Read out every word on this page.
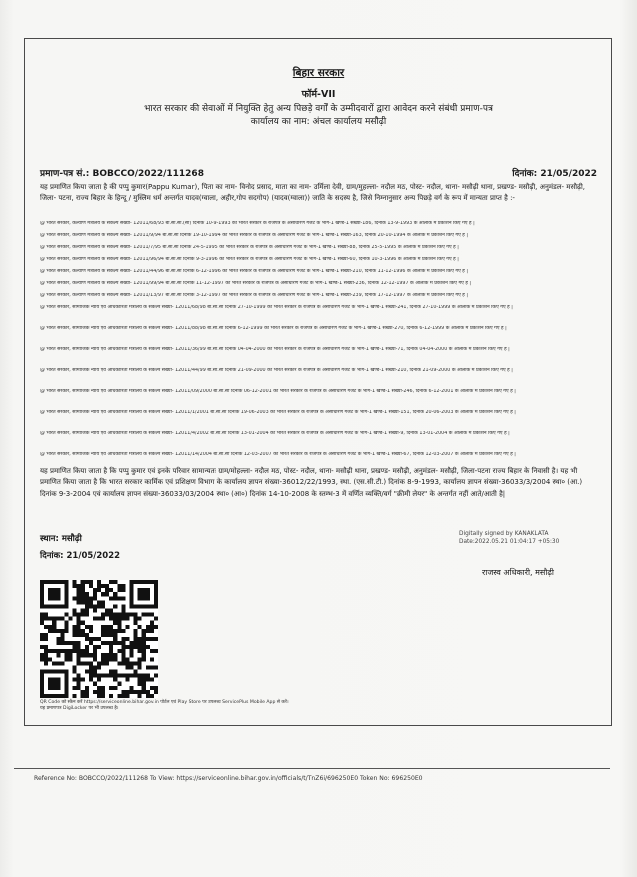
बिहार सरकार
फॉर्म-VII
भारत सरकार की सेवाओं में नियुक्ति हेतु अन्य पिछड़े वर्गों के उम्मीदवारों द्वारा आवेदन करने संबंधी प्रमाण-पत्र
कार्यालय का नाम: अंचल कार्यालय मसौढ़ी
प्रमाण-पत्र सं.: BOBCCO/2022/111268	दिनांक: 21/05/2022
यह प्रमाणित किया जाता है की पप्पु कुमार(Pappu Kumar), पिता का नाम- विनोद प्रसाद, माता का नाम- उर्मिला देवी, ग्राम/मुहल्ला- नदौल मठ, पोस्ट- नदौल, थाना- मसौढ़ी थाना, प्रखण्ड- मसौढ़ी, अनुमंडल- मसौढ़ी, जिला- पटना, राज्य बिहार के हिन्दू / मुस्लिम धर्म अन्तर्गत यादव(ग्वाला, अहीर,गोप सदगोप) (यादव(ग्वाला)) जाति के सदस्य है, जिसे निम्नानुसार अन्य पिछड़े वर्ग के रूप में मान्यता प्राप्त है :-

@ भारत सरकार, कल्याण मंत्रालय के संकल्प संख्या- 12011/68/93 बी.सी.सी.(सी) दिनांक 10-9-1993 को भारत सरकार के राजपत्र के असाधारण गजट के भाग-1 खण्ड-1 संख्या-186, दिनांक 13-9-1993 के आलोक में प्रकाशन किए गए है |

@ भारत सरकार, कल्याण मंत्रालय के संकल्प संख्या- 12011/9/94 बी.सी.सी दिनांक 19-10-1994 को भारत सरकार के राजपत्र के असाधारण गजट के भाग-1 खण्ड-1 संख्या-163, दिनांक 20-10-1994 के आलोक में प्रकाशन किए गए है |

@ भारत सरकार, कल्याण मंत्रालय के संकल्प संख्या- 12011/7/95 बी.सी.सी दिनांक 24-5-1995 को भारत सरकार के राजपत्र के असाधारण गजट के भाग-1 खण्ड-1 संख्या-88, दिनांक 25-5-1995 के आलोक में प्रकाशन किए गए है |

@ भारत सरकार, कल्याण मंत्रालय के संकल्प संख्या- 12011/96/94 बी.सी.सी दिनांक 9-3-1996 को भारत सरकार के राजपत्र के असाधारण गजट के भाग-1 खण्ड-1 संख्या-60, दिनांक 10-3-1996 के आलोक में प्रकाशन किए गए है |

@ भारत सरकार, कल्याण मंत्रालय के संकल्प संख्या- 12011/44/96 बी.सी.सी दिनांक 6-12-1996 को भारत सरकार के राजपत्र के असाधारण गजट के भाग-1 खण्ड-1 संख्या-210, दिनांक 11-12-1996 के आलोक में प्रकाशन किए गए है |

@ भारत सरकार, कल्याण मंत्रालय के संकल्प संख्या- 12011/99/94 बी.सी.सी दिनांक 11-12-1997 को भारत सरकार के राजपत्र के असाधारण गजट के भाग-1 खण्ड-1 संख्या-236, दिनांक 12-12-1997 के आलोक में प्रकाशन किए गए है |

@ भारत सरकार, कल्याण मंत्रालय के संकल्प संख्या- 12011/13/97 बी.सी.सी दिनांक 3-12-1997 को भारत सरकार के राजपत्र के असाधारण गजट के भाग-1 खण्ड-1 संख्या-239, दिनांक 17-12-1997 के आलोक में प्रकाशन किए गए है |

@ भारत सरकार, सामाजिक न्याय एवं अधिकारिता मंत्रालय के संकल्प संख्या- 12011/68/98 बी.सी.सी दिनांक 27-10-1999 को भारत सरकार के राजपत्र के असाधारण गजट के भाग-1 खण्ड-1 संख्या-241, दिनांक 27-10-1999 के आलोक में प्रकाशन किए गए है |

@ भारत सरकार, सामाजिक न्याय एवं अधिकारिता मंत्रालय के संकल्प संख्या- 12011/88/98 बी.सी.सी दिनांक 6-12-1999 को भारत सरकार के राजपत्र के असाधारण गजट के भाग-1 खण्ड-1 संख्या-270, दिनांक 6-12-1999 के आलोक में प्रकाशन किए गए है |

@ भारत सरकार, सामाजिक न्याय एवं अधिकारिता मंत्रालय के संकल्प संख्या- 12011/36/99 बी.सी.सी दिनांक 04-04-2000 को भारत सरकार के राजपत्र के असाधारण गजट के भाग-1 खण्ड-1 संख्या-71, दिनांक 04-04-2000 के आलोक में प्रकाशन किए गए है |

@ भारत सरकार, सामाजिक न्याय एवं अधिकारिता मंत्रालय के संकल्प संख्या- 12011/44/99 बी.सी.सी दिनांक 21-09-2000 को भारत सरकार के राजपत्र के असाधारण गजट के भाग-1 खण्ड-1 संख्या-210, दिनांक 21-09-2000 के आलोक में प्रकाशन किए गए है |

@ भारत सरकार, सामाजिक न्याय एवं अधिकारिता मंत्रालय के संकल्प संख्या- 12011/09/2000 बी.सी.सी दिनांक 06-12-2001 को भारत सरकार के राजपत्र के असाधारण गजट के भाग-1 खण्ड-1 संख्या-246, दिनांक 6-12-2001 के आलोक में प्रकाशन किए गए है |

@ भारत सरकार, सामाजिक न्याय एवं अधिकारिता मंत्रालय के संकल्प संख्या- 12011/1/2001 बी.सी.सी दिनांक 19-06-2003 को भारत सरकार के राजपत्र के असाधारण गजट के भाग-1 खण्ड-1 संख्या-151, दिनांक 20-06-2003 के आलोक में प्रकाशन किए गए है |

@ भारत सरकार, सामाजिक न्याय एवं अधिकारिता मंत्रालय के संकल्प संख्या- 12011/4/2002 बी.सी.सी दिनांक 13-01-2004 को भारत सरकार के राजपत्र के असाधारण गजट के भाग-1 खण्ड-1 संख्या-9, दिनांक 13-01-2004 के आलोक में प्रकाशन किए गए है |

@ भारत सरकार, सामाजिक न्याय एवं अधिकारिता मंत्रालय के संकल्प संख्या- 12011/14/2004 बी.सी.सी दिनांक 12-03-2007 को भारत सरकार के राजपत्र के असाधारण गजट के भाग-1 खण्ड-1 संख्या-67, दिनांक 12-03-2007 के आलोक में प्रकाशन किए गए है |

यह प्रमाणित किया जाता है कि पप्पु कुमार एवं इनके परिवार सामान्यतः ग्राम/मोहल्ला- नदौल मठ, पोस्ट- नदौल, थाना- मसौढ़ी थाना, प्रखण्ड- मसौढ़ी, अनुमंडल- मसौढ़ी, जिला-पटना राज्य बिहार के निवासी है। यह भी प्रमाणित किया जाता है कि भारत सरकार कार्मिक एवं प्रशिक्षण विभाग के कार्यालय ज्ञापन संख्या-36012/22/1993, स्था. (एस.सी.टी.) दिनांक 8-9-1993, कार्यालय ज्ञापन संख्या-36033/3/2004 स्था० (आ.) दिनांक 9-3-2004 एवं कार्यालय ज्ञापन संख्या-36033/03/2004 स्था० (आ०) दिनांक 14-10-2008 के स्तम्भ-3 में वर्णित व्यक्ति/वर्ग "क्रीमी लेयर" के अन्तर्गत नहीं आते/आती है|
स्थान: मसौढ़ी
दिनांक: 21/05/2022
Digitally signed by KANAKLATA
Date:2022.05.21 01:04:17 +05:30
राजस्व अधिकारी, मसौढ़ी
QR Code को स्कैन करें https://serviceonline.bihar.gov.in पोर्टल एवं Play Store पर उपलब्ध ServicePlus Mobile App से करें।
यह प्रमाणपत्र DigiLocker पर भी उपलब्ध है।
Reference No: BOBCCO/2022/111268 To View: https://serviceonline.bihar.gov.in/officials/t/TnZ6i/696250E0 Token No: 696250E0
